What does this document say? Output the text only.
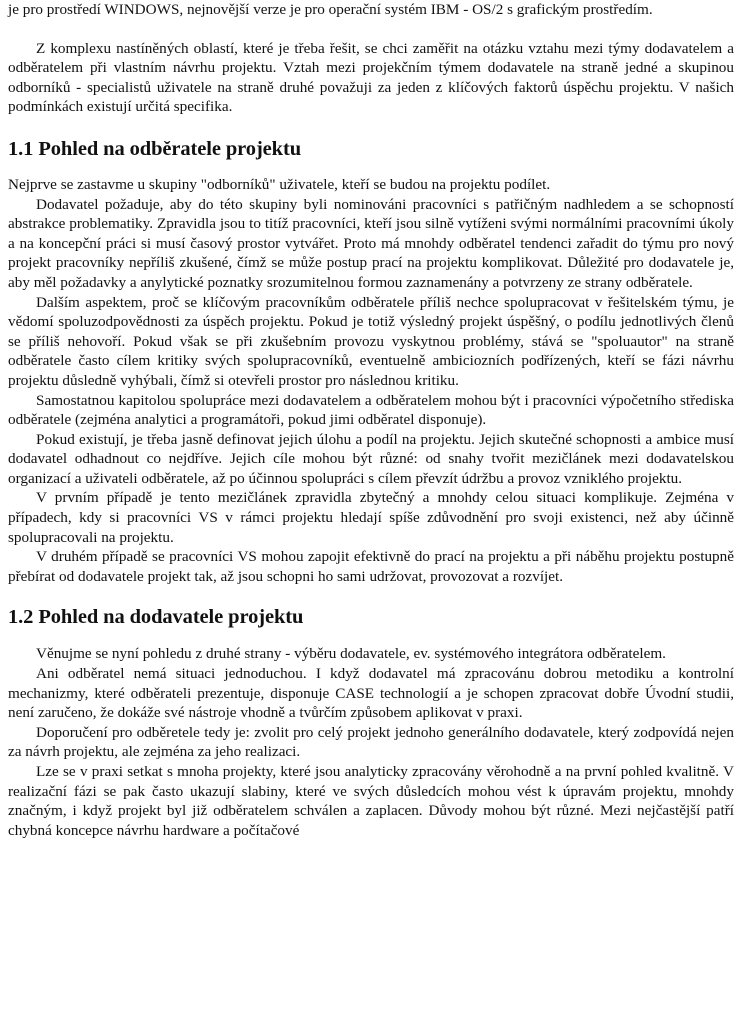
je pro prostředí WINDOWS, nejnovější verze je pro operační systém IBM - OS/2 s grafickým prostředím.

Z komplexu nastíněných oblastí, které je třeba řešit, se chci zaměřit na otázku vztahu mezi týmy dodavatelem a odběratelem při vlastním návrhu projektu. Vztah mezi projekčním týmem dodavatele na straně jedné a skupinou odborníků - specialistů uživatele na straně druhé považuji za jeden z klíčových faktorů úspěchu projektu. V našich podmínkách existují určitá specifika.

1.1 Pohled na odběratele projektu

Nejprve se zastavme u skupiny "odborníků" uživatele, kteří se budou na projektu podílet.

Dodavatel požaduje, aby do této skupiny byli nominováni pracovníci s patřičným nadhledem a se schopností abstrakce problematiky. Zpravidla jsou to titíž pracovníci, kteří jsou silně vytíženi svými normálními pracovními úkoly a na koncepční práci si musí časový prostor vytvářet. Proto má mnohdy odběratel tendenci zařadit do týmu pro nový projekt pracovníky nepříliš zkušené, čímž se může postup prací na projektu komplikovat. Důležité pro dodavatele je, aby měl požadavky a anylytické poznatky srozumitelnou formou zaznamenány a potvrzeny ze strany odběratele.

Dalším aspektem, proč se klíčovým pracovníkům odběratele příliš nechce spolupracovat v řešitelském týmu, je vědomí spoluzodpovědnosti za úspěch projektu. Pokud je totiž výsledný projekt úspěšný, o podílu jednotlivých členů se příliš nehovoří. Pokud však se při zkušebním provozu vyskytnou problémy, stává se "spoluautor" na straně odběratele často cílem kritiky svých spolupracovníků, eventuelně ambiciozních podřízených, kteří se fázi návrhu projektu důsledně vyhýbali, čímž si otevřeli prostor pro následnou kritiku.

Samostatnou kapitolou spolupráce mezi dodavatelem a odběratelem mohou být i pracovníci výpočetního střediska odběratele (zejména analytici a programátoři, pokud jimi odběratel disponuje).

Pokud existují, je třeba jasně definovat jejich úlohu a podíl na projektu. Jejich skutečné schopnosti a ambice musí dodavatel odhadnout co nejdříve. Jejich cíle mohou být různé: od snahy tvořit mezičlánek mezi dodavatelskou organizací a uživateli odběratele, až po účinnou spolupráci s cílem převzít údržbu a provoz vzniklého projektu.

V prvním případě je tento mezičlánek zpravidla zbytečný a mnohdy celou situaci komplikuje. Zejména v případech, kdy si pracovníci VS v rámci projektu hledají spíše zdůvodnění pro svoji existenci, než aby účinně spolupracovali na projektu.

V druhém případě se pracovníci VS mohou zapojit efektivně do prací na projektu a při náběhu projektu postupně přebírat od dodavatele projekt tak, až jsou schopni ho sami udržovat, provozovat a rozvíjet.

1.2 Pohled na dodavatele projektu

Věnujme se nyní pohledu z druhé strany - výběru dodavatele, ev. systémového integrátora odběratelem.

Ani odběratel nemá situaci jednoduchou. I když dodavatel má zpracovánu dobrou metodiku a kontrolní mechanizmy, které odběrateli prezentuje, disponuje CASE technologií a je schopen zpracovat dobře Úvodní studii, není zaručeno, že dokáže své nástroje vhodně a tvůrčím způsobem aplikovat v praxi.

Doporučení pro odběretele tedy je: zvolit pro celý projekt jednoho generálního dodavatele, který zodpovídá nejen za návrh projektu, ale zejména za jeho realizaci.

Lze se v praxi setkat s mnoha projekty, které jsou analyticky zpracovány věrohodně a na první pohled kvalitně. V realizační fázi se pak často ukazují slabiny, které ve svých důsledcích mohou vést k úpravám projektu, mnohdy značným, i když projekt byl již odběratelem schválen a zaplacen. Důvody mohou být různé. Mezi nejčastější patří chybná koncepce návrhu hardware a počítačové
